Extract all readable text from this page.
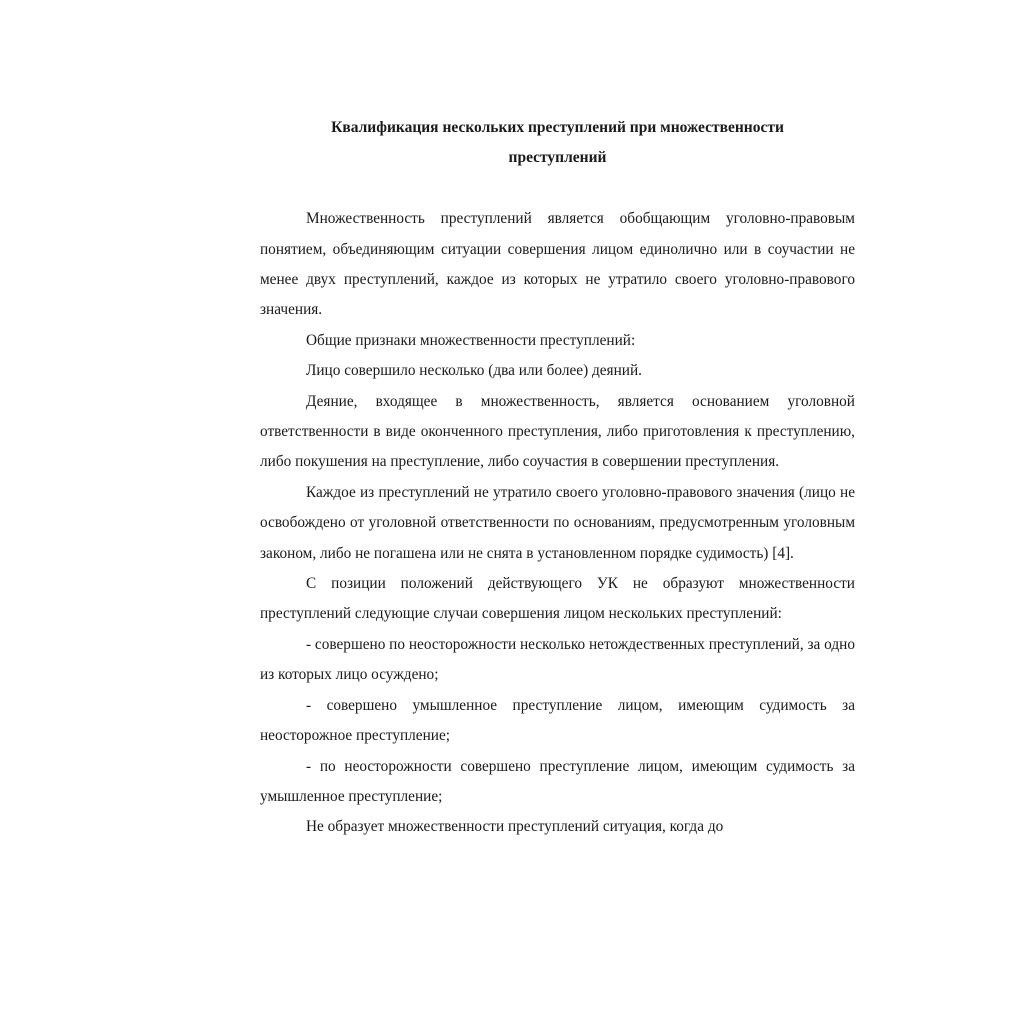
Квалификация нескольких преступлений при множественности
преступлений

Множественность преступлений является обобщающим уголовно-правовым понятием, объединяющим ситуации совершения лицом единолично или в соучастии не менее двух преступлений, каждое из которых не утратило своего уголовно-правового значения.

Общие признаки множественности преступлений:

Лицо совершило несколько (два или более) деяний.

Деяние, входящее в множественность, является основанием уголовной ответственности в виде оконченного преступления, либо приготовления к преступлению, либо покушения на преступление, либо соучастия в совершении преступления.

Каждое из преступлений не утратило своего уголовно-правового значения (лицо не освобождено от уголовной ответственности по основаниям, предусмотренным уголовным законом, либо не погашена или не снята в установленном порядке судимость) [4].

С позиции положений действующего УК не образуют множественности преступлений следующие случаи совершения лицом нескольких преступлений:

- совершено по неосторожности несколько нетождественных преступлений, за одно из которых лицо осуждено;

- совершено умышленное преступление лицом, имеющим судимость за неосторожное преступление;

- по неосторожности совершено преступление лицом, имеющим судимость за умышленное преступление;

Не образует множественности преступлений ситуация, когда до
